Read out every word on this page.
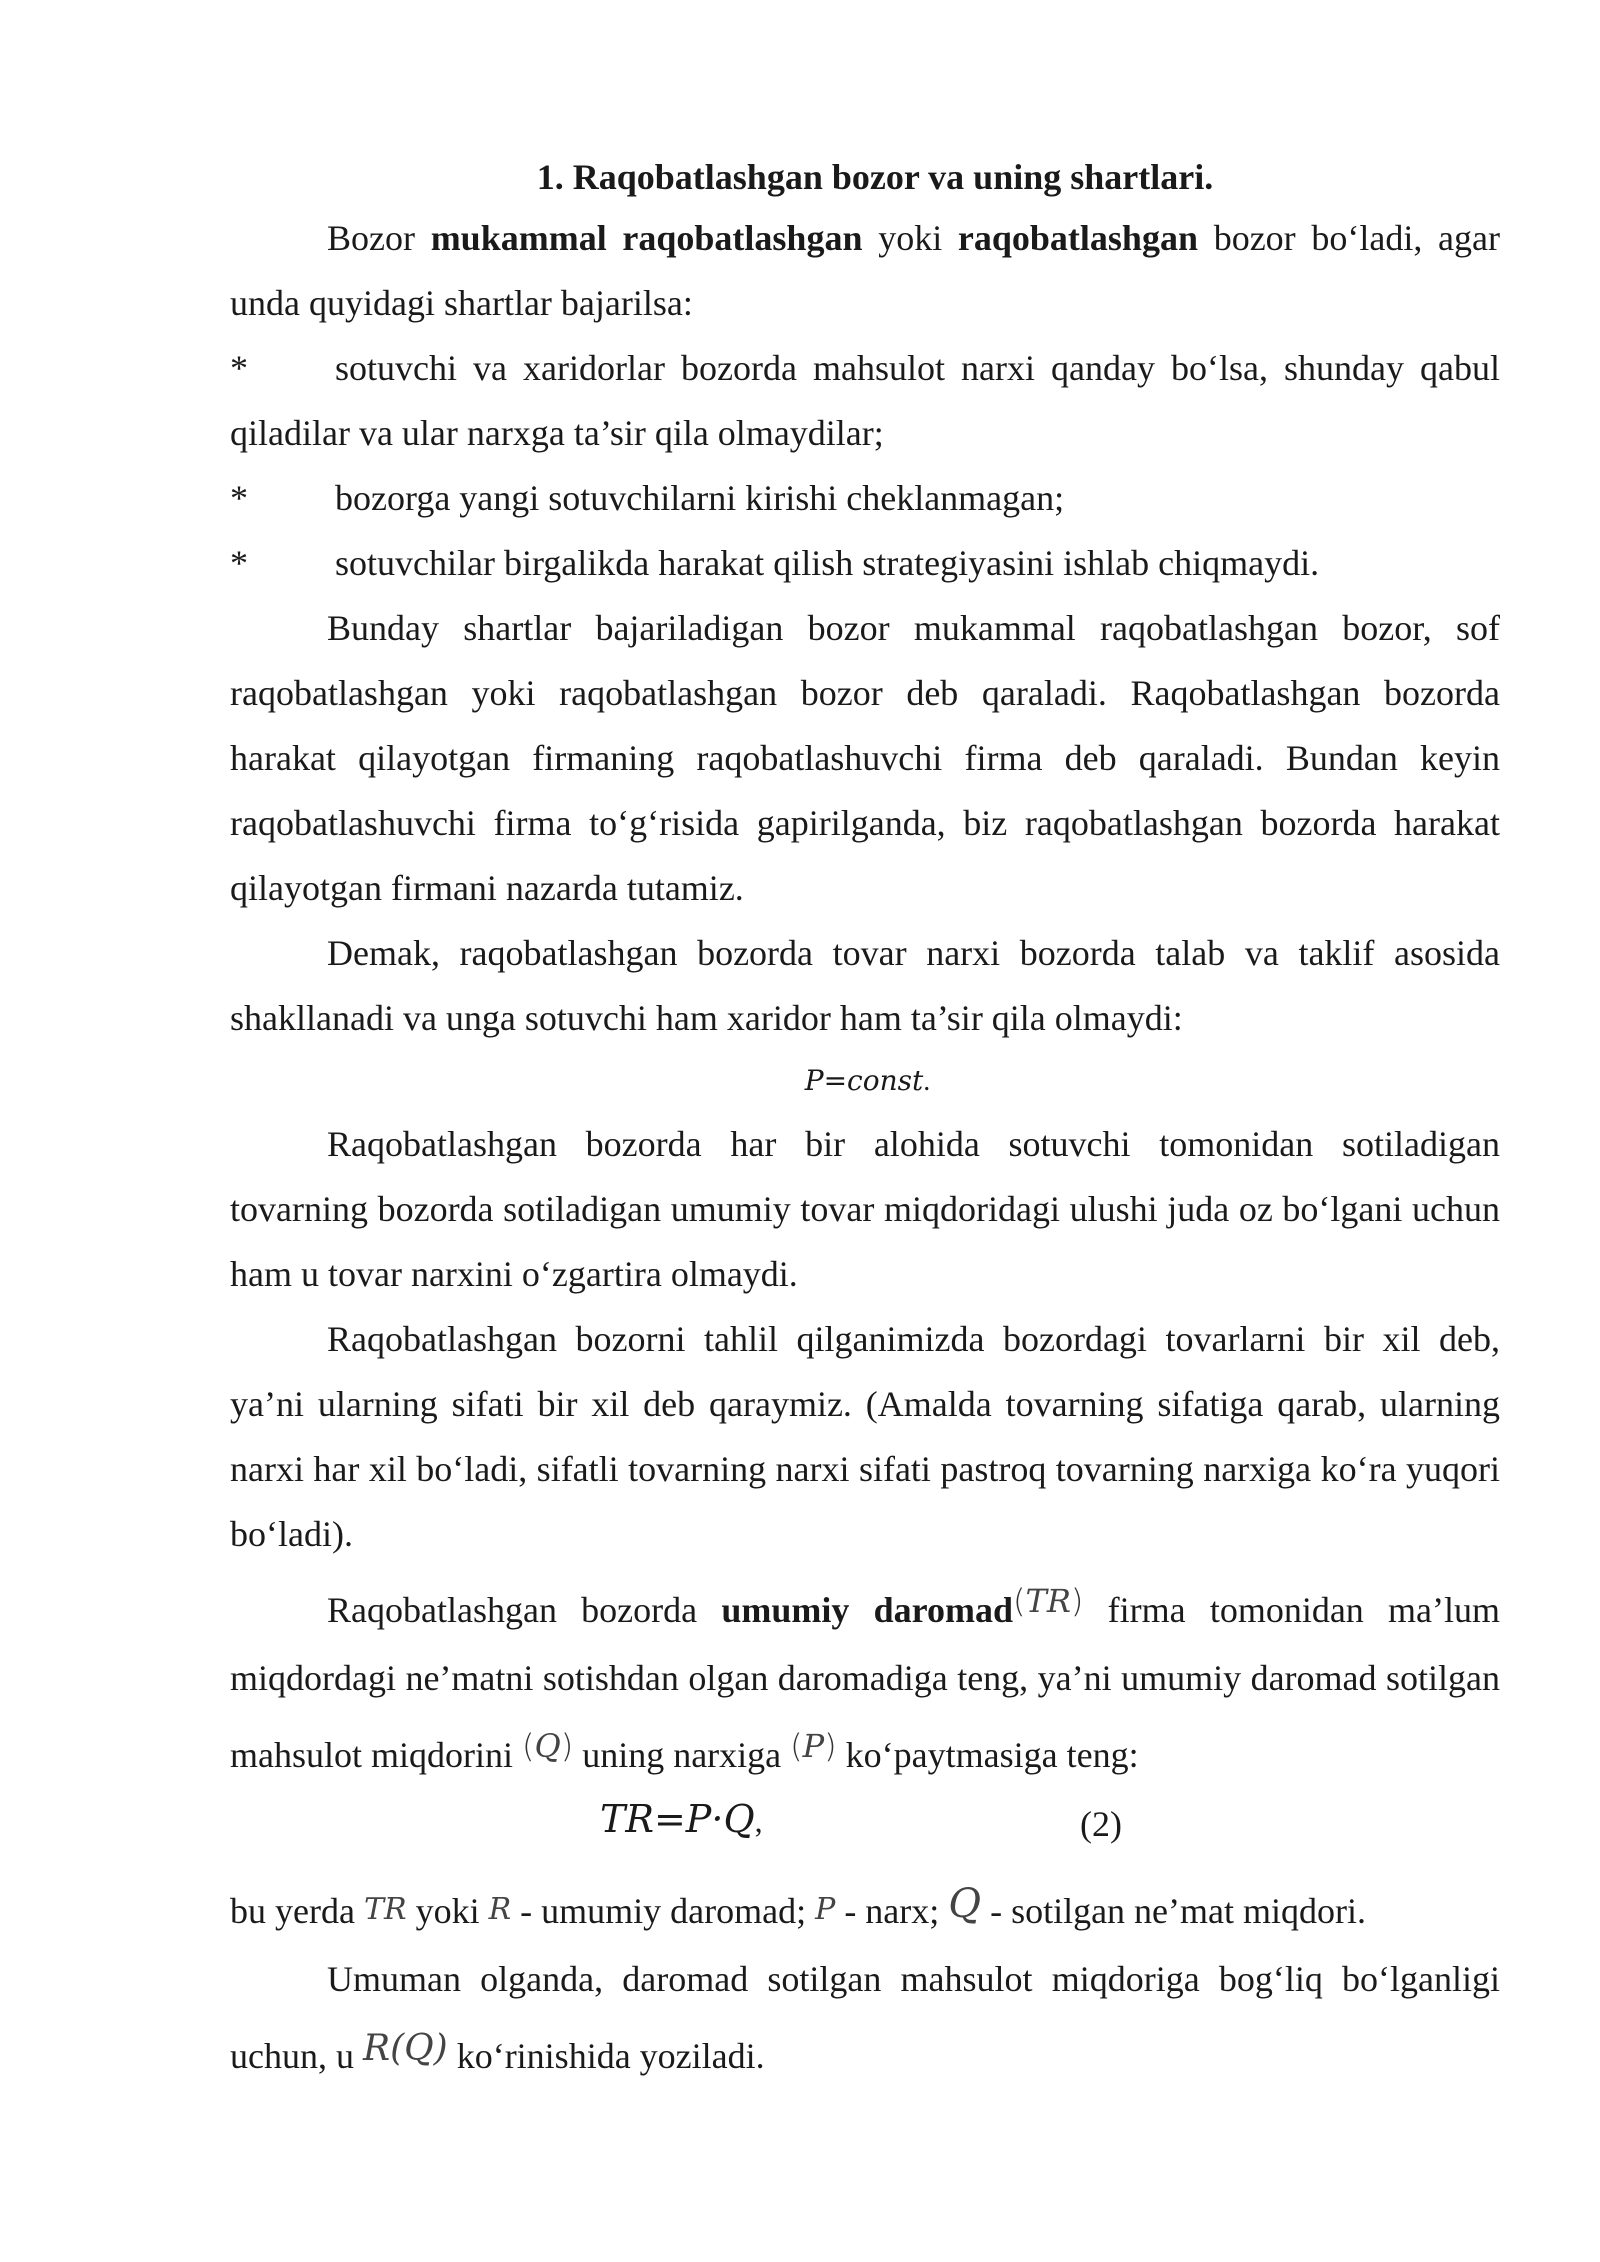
1. Raqobatlashgan bozor va uning shartlari.

Bozor mukammal raqobatlashgan yoki raqobatlashgan bozor bo‘ladi, agar unda quyidagi shartlar bajarilsa:

* sotuvchi va xaridorlar bozorda mahsulot narxi qanday bo‘lsa, shunday qabul qiladilar va ular narxga ta’sir qila olmaydilar;

* bozorga yangi sotuvchilarni kirishi cheklanmagan;

* sotuvchilar birgalikda harakat qilish strategiyasini ishlab chiqmaydi.

Bunday shartlar bajariladigan bozor mukammal raqobatlashgan bozor, sof raqobatlashgan yoki raqobatlashgan bozor deb qaraladi. Raqobatlashgan bozorda harakat qilayotgan firmaning raqobatlashuvchi firma deb qaraladi. Bundan keyin raqobatlashuvchi firma to‘g‘risida gapirilganda, biz raqobatlashgan bozorda harakat qilayotgan firmani nazarda tutamiz.

Demak, raqobatlashgan bozorda tovar narxi bozorda talab va taklif asosida shakllanadi va unga sotuvchi ham xaridor ham ta’sir qila olmaydi:

P=const.

Raqobatlashgan bozorda har bir alohida sotuvchi tomonidan sotiladigan tovarning bozorda sotiladigan umumiy tovar miqdoridagi ulushi juda oz bo‘lgani uchun ham u tovar narxini o‘zgartira olmaydi.

Raqobatlashgan bozorni tahlil qilganimizda bozordagi tovarlarni bir xil deb, ya’ni ularning sifati bir xil deb qaraymiz. (Amalda tovarning sifatiga qarab, ularning narxi har xil bo‘ladi, sifatli tovarning narxi sifati pastroq tovarning narxiga ko‘ra yuqori bo‘ladi).

Raqobatlashgan bozorda umumiy daromad(TR) firma tomonidan ma’lum miqdordagi ne’matni sotishdan olgan daromadiga teng, ya’ni umumiy daromad sotilgan mahsulot miqdorini (Q) uning narxiga (P) ko‘paytmasiga teng:

TR=P·Q,	(2)

bu yerda TR yoki R - umumiy daromad; P - narx; Q - sotilgan ne’mat miqdori.

Umuman olganda, daromad sotilgan mahsulot miqdoriga bog‘liq bo‘lganligi uchun, u R(Q) ko‘rinishida yoziladi.
